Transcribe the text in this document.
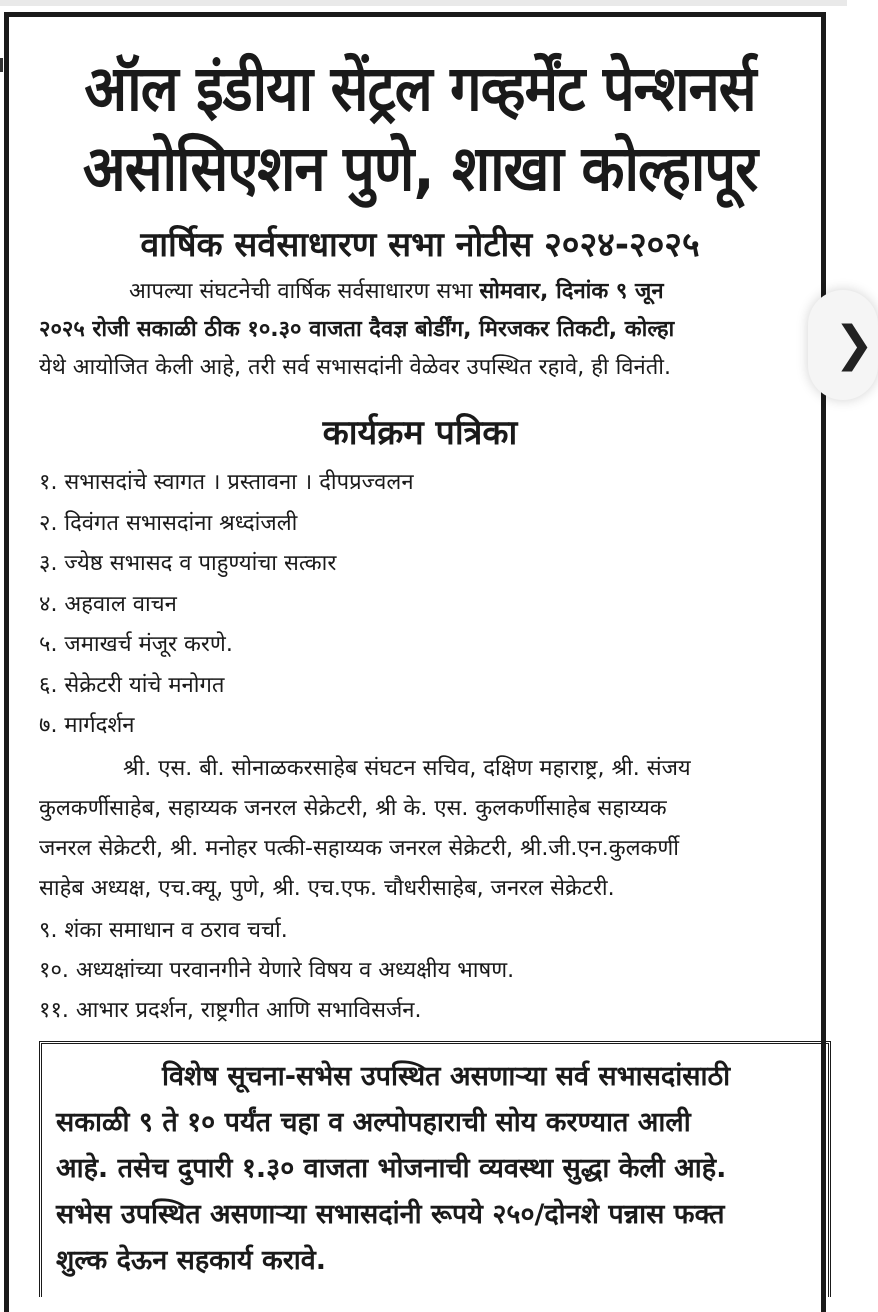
ऑल इंडीया सेंट्रल गव्हर्मेंट पेन्शनर्स
असोसिएशन पुणे, शाखा कोल्हापूर
वार्षिक सर्वसाधारण सभा नोटीस २०२४-२०२५

आपल्या संघटनेची वार्षिक सर्वसाधारण सभा सोमवार, दिनांक ९ जून

२०२५ रोजी सकाळी ठीक १०.३० वाजता दैवज्ञ बोर्डींग, मिरजकर तिकटी, कोल्हा

येथे आयोजित केली आहे, तरी सर्व सभासदांनी वेळेवर उपस्थित रहावे, ही विनंती.

कार्यक्रम पत्रिका
१. सभासदांचे स्वागत । प्रस्तावना । दीपप्रज्वलन
२. दिवंगत सभासदांना श्रध्दांजली
३. ज्येष्ठ सभासद व पाहुण्यांचा सत्कार
४. अहवाल वाचन
५. जमाखर्च मंजूर करणे.
६. सेक्रेटरी यांचे मनोगत
७. मार्गदर्शन

श्री. एस. बी. सोनाळकरसाहेब संघटन सचिव, दक्षिण महाराष्ट्र, श्री. संजय

कुलकर्णीसाहेब, सहाय्यक जनरल सेक्रेटरी, श्री के. एस. कुलकर्णीसाहेब सहाय्यक

जनरल सेक्रेटरी, श्री. मनोहर पत्की-सहाय्यक जनरल सेक्रेटरी, श्री.जी.एन.कुलकर्णी

साहेब अध्यक्ष, एच.क्यू, पुणे, श्री. एच.एफ. चौधरीसाहेब, जनरल सेक्रेटरी.

९. शंका समाधान व ठराव चर्चा.
१०. अध्यक्षांच्या परवानगीने येणारे विषय व अध्यक्षीय भाषण.
११. आभार प्रदर्शन, राष्ट्रगीत आणि सभाविसर्जन.

विशेष सूचना-सभेस उपस्थित असणाऱ्या सर्व सभासदांसाठी

सकाळी ९ ते १० पर्यंत चहा व अल्पोपहाराची सोय करण्यात आली

आहे. तसेच दुपारी १.३० वाजता भोजनाची व्यवस्था सुद्धा केली आहे.

सभेस उपस्थित असणाऱ्या सभासदांनी रूपये २५०/दोनशे पन्नास फक्त

शुल्क देऊन सहकार्य करावे.

❯
